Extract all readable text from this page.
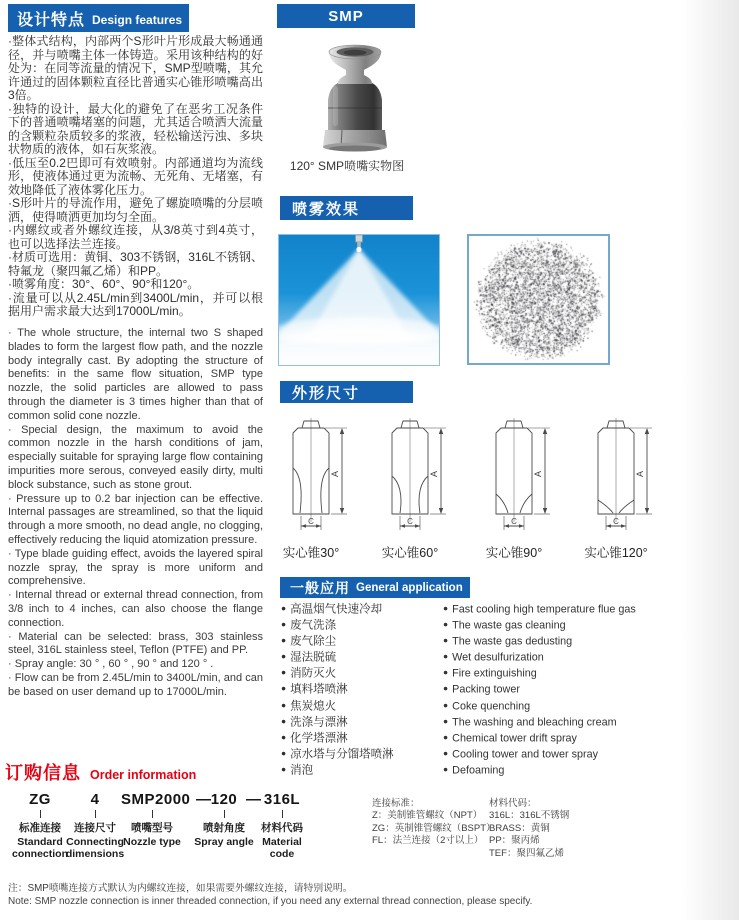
设计特点 Design features

·整体式结构，内部两个S形叶片形成最大畅通通径，并与喷嘴主体一体铸造。采用该种结构的好处为：在同等流量的情况下，SMP型喷嘴，其允许通过的固体颗粒直径比普通实心锥形喷嘴高出3倍。

·独特的设计，最大化的避免了在恶劣工况条件下的普通喷嘴堵塞的问题，尤其适合喷洒大流量的含颗粒杂质较多的浆液，轻松输送污浊、多块状物质的液体，如石灰浆液。

·低压至0.2巴即可有效喷射。内部通道均为流线形，使液体通过更为流畅、无死角、无堵塞，有效地降低了液体雾化压力。

·S形叶片的导流作用，避免了螺旋喷嘴的分层喷洒，使得喷洒更加均匀全面。

·内螺纹或者外螺纹连接，从3/8英寸到4英寸，也可以选择法兰连接。

·材质可选用：黄铜、303不锈钢，316L不锈钢、特氟龙（聚四氟乙烯）和PP。

·喷雾角度：30°、60°、90°和120°。

·流量可以从2.45L/min到3400L/min，并可以根据用户需求最大达到17000L/min。

· The whole structure, the internal two S shaped blades to form the largest flow path, and the nozzle body integrally cast. By adopting the structure of benefits: in the same flow situation, SMP type nozzle, the solid particles are allowed to pass through the diameter is 3 times higher than that of common solid cone nozzle.

· Special design, the maximum to avoid the common nozzle in the harsh conditions of jam, especially suitable for spraying large flow containing impurities more serous, conveyed easily dirty, multi block substance, such as stone grout.

· Pressure up to 0.2 bar injection can be effective. Internal passages are streamlined, so that the liquid through a more smooth, no dead angle, no clogging, effectively reducing the liquid atomization pressure.

· Type blade guiding effect, avoids the layered spiral nozzle spray, the spray is more uniform and comprehensive.

· Internal thread or external thread connection, from 3/8 inch to 4 inches, can also choose the flange connection.

· Material can be selected: brass, 303 stainless steel, 316L stainless steel, Teflon (PTFE) and PP.

· Spray angle: 30 ° , 60 ° , 90 ° and 120 ° .

· Flow can be from 2.45L/min to 3400L/min, and can be based on user demand up to 17000L/min.

SMP
120° SMP喷嘴实物图
喷雾效果
外形尺寸
A
C
A
C
A
C
A
C
实心锥30°	实心锥60°	实心锥90°	实心锥120°
一般应用 General application
● 高温烟气快速冷却
● 废气洗涤
● 废气除尘
● 湿法脱硫
● 消防灭火
● 填料塔喷淋
● 焦炭熄火
● 洗涤与漂淋
● 化学塔漂淋
● 凉水塔与分馏塔喷淋
● 消泡
● Fast cooling high temperature flue gas
● The waste gas cleaning
● The waste gas dedusting
● Wet desulfurization
● Fire extinguishing
● Packing tower
● Coke quenching
● The washing and bleaching cream
● Chemical tower drift spray
● Cooling tower and tower spray
● Defoaming
订购信息 Order information
ZG
标准连接
Standard connection
4
连接尺寸
Connecting dimensions
SMP2000
喷嘴型号
Nozzle type
120
喷射角度
Spray angle
316L
材料代码
Material code
— —	连接标准：
Z：美制锥管螺纹（NPT）
ZG：英制锥管螺纹（BSPT）
FL：法兰连接（2寸以上）
材料代码：
316L：316L不锈钢
BRASS：黄铜
PP：聚丙烯
TEF：聚四氟乙烯
注：SMP喷嘴连接方式默认为内螺纹连接，如果需要外螺纹连接，请特别说明。
Note: SMP nozzle connection is inner threaded connection, if you need any external thread connection, please specify.
